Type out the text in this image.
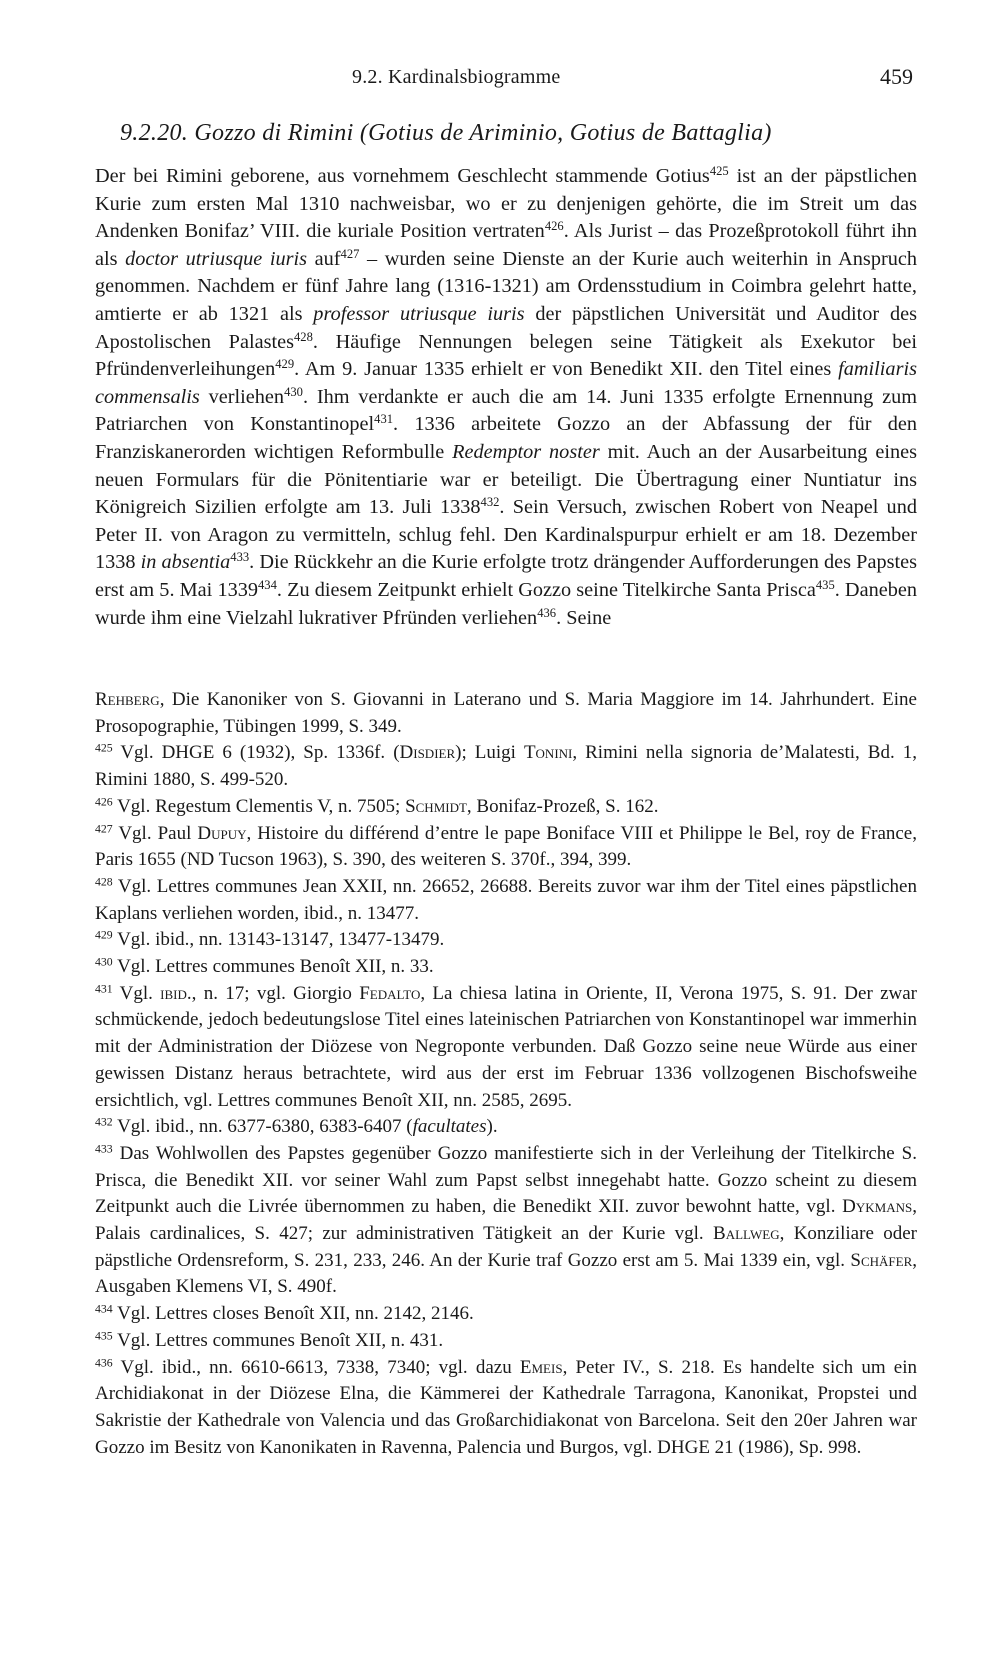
9.2. Kardinalsbiogramme	459
9.2.20. Gozzo di Rimini (Gotius de Ariminio, Gotius de Battaglia)

Der bei Rimini geborene, aus vornehmem Geschlecht stammende Gotius$^{425}$ ist an der päpstlichen Kurie zum ersten Mal 1310 nachweisbar, wo er zu denjenigen gehörte, die im Streit um das Andenken Bonifaz’ VIII. die kuriale Position vertraten$^{426}$. Als Jurist – das Prozeßprotokoll führt ihn als doctor utriusque iuris auf$^{427}$ – wurden seine Dienste an der Kurie auch weiterhin in Anspruch genommen. Nachdem er fünf Jahre lang (1316-1321) am Ordensstudium in Coimbra gelehrt hatte, amtierte er ab 1321 als professor utriusque iuris der päpstlichen Universität und Auditor des Apostolischen Palastes$^{428}$. Häufige Nennungen belegen seine Tätigkeit als Exekutor bei Pfründenverleihungen$^{429}$. Am 9. Januar 1335 erhielt er von Benedikt XII. den Titel eines familiaris commensalis verliehen$^{430}$. Ihm verdankte er auch die am 14. Juni 1335 erfolgte Ernennung zum Patriarchen von Konstantinopel$^{431}$. 1336 arbeitete Gozzo an der Abfassung der für den Franziskanerorden wichtigen Reformbulle Redemptor noster mit. Auch an der Ausarbeitung eines neuen Formulars für die Pönitentiarie war er beteiligt. Die Übertragung einer Nuntiatur ins Königreich Sizilien erfolgte am 13. Juli 1338$^{432}$. Sein Versuch, zwischen Robert von Neapel und Peter II. von Aragon zu vermitteln, schlug fehl. Den Kardinalspurpur erhielt er am 18. Dezember 1338 in absentia$^{433}$. Die Rückkehr an die Kurie erfolgte trotz drängender Aufforderungen des Papstes erst am 5. Mai 1339$^{434}$. Zu diesem Zeitpunkt erhielt Gozzo seine Titelkirche Santa Prisca$^{435}$. Daneben wurde ihm eine Vielzahl lukrativer Pfründen verliehen$^{436}$. Seine

Rehberg, Die Kanoniker von S. Giovanni in Laterano und S. Maria Maggiore im 14. Jahrhundert. Eine Prosopographie, Tübingen 1999, S. 349.

$^{425}$ Vgl. DHGE 6 (1932), Sp. 1336f. (Disdier); Luigi Tonini, Rimini nella signoria de’Malatesti, Bd. 1, Rimini 1880, S. 499-520.

$^{426}$ Vgl. Regestum Clementis V, n. 7505; Schmidt, Bonifaz-Prozeß, S. 162.

$^{427}$ Vgl. Paul Dupuy, Histoire du différend d’entre le pape Boniface VIII et Philippe le Bel, roy de France, Paris 1655 (ND Tucson 1963), S. 390, des weiteren S. 370f., 394, 399.

$^{428}$ Vgl. Lettres communes Jean XXII, nn. 26652, 26688. Bereits zuvor war ihm der Titel eines päpstlichen Kaplans verliehen worden, ibid., n. 13477.

$^{429}$ Vgl. ibid., nn. 13143-13147, 13477-13479.

$^{430}$ Vgl. Lettres communes Benoît XII, n. 33.

$^{431}$ Vgl. ibid., n. 17; vgl. Giorgio Fedalto, La chiesa latina in Oriente, II, Verona 1975, S. 91. Der zwar schmückende, jedoch bedeutungslose Titel eines lateinischen Patriarchen von Konstantinopel war immerhin mit der Administration der Diözese von Negroponte verbunden. Daß Gozzo seine neue Würde aus einer gewissen Distanz heraus betrachtete, wird aus der erst im Februar 1336 vollzogenen Bischofsweihe ersichtlich, vgl. Lettres communes Benoît XII, nn. 2585, 2695.

$^{432}$ Vgl. ibid., nn. 6377-6380, 6383-6407 (facultates).

$^{433}$ Das Wohlwollen des Papstes gegenüber Gozzo manifestierte sich in der Verleihung der Titelkirche S. Prisca, die Benedikt XII. vor seiner Wahl zum Papst selbst innegehabt hatte. Gozzo scheint zu diesem Zeitpunkt auch die Livrée übernommen zu haben, die Benedikt XII. zuvor bewohnt hatte, vgl. Dykmans, Palais cardinalices, S. 427; zur administrativen Tätigkeit an der Kurie vgl. Ballweg, Konziliare oder päpstliche Ordensreform, S. 231, 233, 246. An der Kurie traf Gozzo erst am 5. Mai 1339 ein, vgl. Schäfer, Ausgaben Klemens VI, S. 490f.

$^{434}$ Vgl. Lettres closes Benoît XII, nn. 2142, 2146.

$^{435}$ Vgl. Lettres communes Benoît XII, n. 431.

$^{436}$ Vgl. ibid., nn. 6610-6613, 7338, 7340; vgl. dazu Emeis, Peter IV., S. 218. Es handelte sich um ein Archidiakonat in der Diözese Elna, die Kämmerei der Kathedrale Tarragona, Kanonikat, Propstei und Sakristie der Kathedrale von Valencia und das Großarchidiakonat von Barcelona. Seit den 20er Jahren war Gozzo im Besitz von Kanonikaten in Ravenna, Palencia und Burgos, vgl. DHGE 21 (1986), Sp. 998.
